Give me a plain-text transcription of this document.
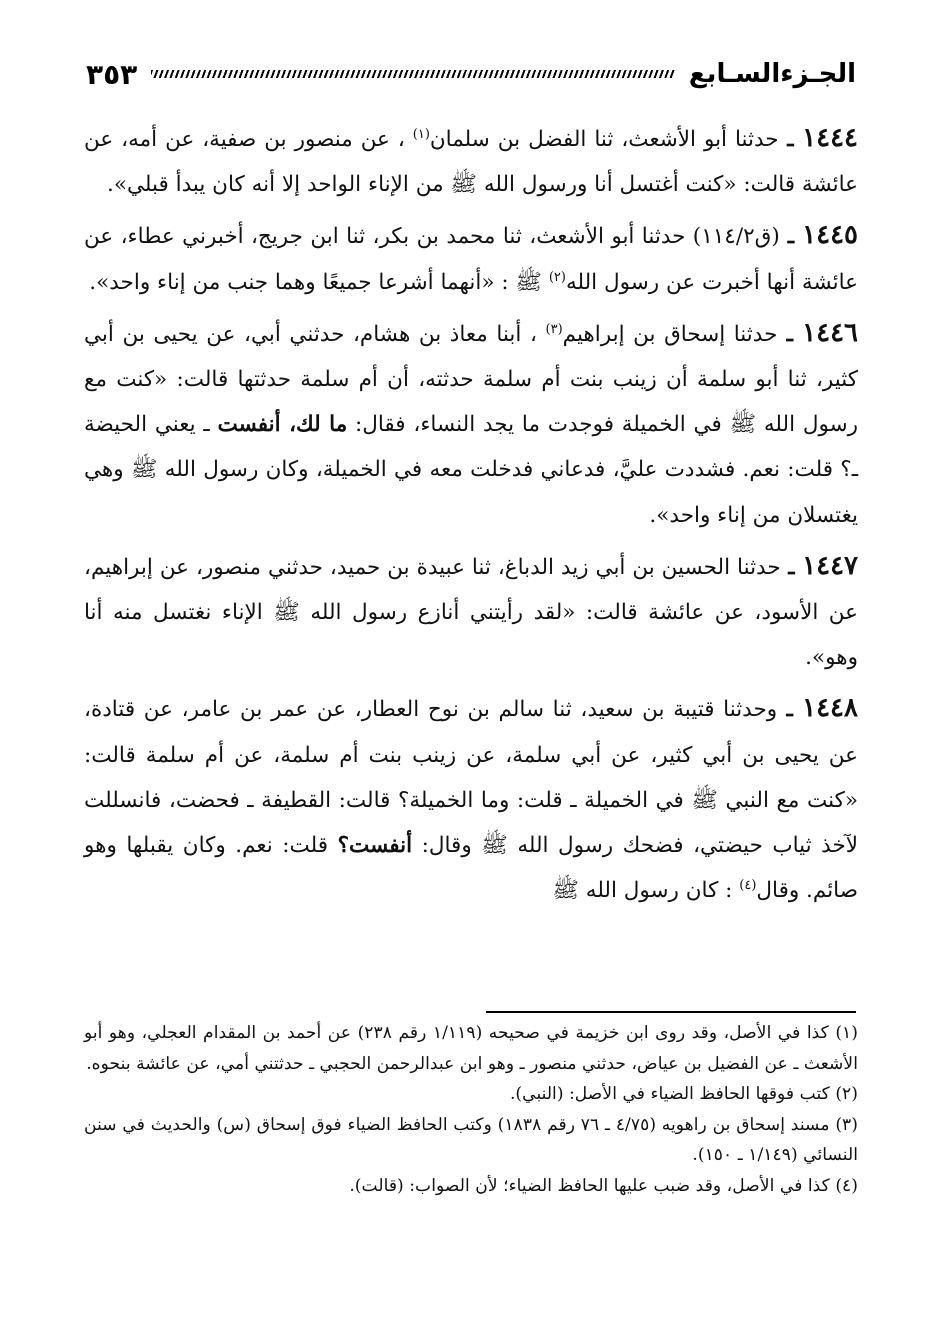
الجـزءالسـابع
٣٥٣

١٤٤٤ ـ حدثنا أبو الأشعث، ثنا الفضل بن سلمان$^{(١)}$ ، عن منصور بن صفية، عن أمه، عن عائشة قالت: «كنت أغتسل أنا ورسول الله ﷺ من الإناء الواحد إلا أنه كان يبدأ قبلي».

١٤٤٥ ـ (ق١١٤/٢) حدثنا أبو الأشعث، ثنا محمد بن بكر، ثنا ابن جريج، أخبرني عطاء، عن عائشة أنها أخبرت عن رسول الله$^{(٢)}$ ﷺ : «أنهما أشرعا جميعًا وهما جنب من إناء واحد».

١٤٤٦ ـ حدثنا إسحاق بن إبراهيم$^{(٣)}$ ، أبنا معاذ بن هشام، حدثني أبي، عن يحيى بن أبي كثير، ثنا أبو سلمة أن زينب بنت أم سلمة حدثته، أن أم سلمة حدثتها قالت: «كنت مع رسول الله ﷺ في الخميلة فوجدت ما يجد النساء، فقال: ما لك، أنفست ـ يعني الحيضة ـ؟ قلت: نعم. فشددت عليَّ، فدعاني فدخلت معه في الخميلة، وكان رسول الله ﷺ وهي يغتسلان من إناء واحد».

١٤٤٧ ـ حدثنا الحسين بن أبي زيد الدباغ، ثنا عبيدة بن حميد، حدثني منصور، عن إبراهيم، عن الأسود، عن عائشة قالت: «لقد رأيتني أنازع رسول الله ﷺ الإناء نغتسل منه أنا وهو».

١٤٤٨ ـ وحدثنا قتيبة بن سعيد، ثنا سالم بن نوح العطار، عن عمر بن عامر، عن قتادة، عن يحيى بن أبي كثير، عن أبي سلمة، عن زينب بنت أم سلمة، عن أم سلمة قالت: «كنت مع النبي ﷺ في الخميلة ـ قلت: وما الخميلة؟ قالت: القطيفة ـ فحضت، فانسللت لآخذ ثياب حيضتي، فضحك رسول الله ﷺ وقال: أنفست؟ قلت: نعم. وكان يقبلها وهو صائم. وقال$^{(٤)}$ : كان رسول الله ﷺ

(١) كذا في الأصل، وقد روى ابن خزيمة في صحيحه (١/١١٩ رقم ٢٣٨) عن أحمد بن المقدام العجلي، وهو أبو الأشعث ـ عن الفضيل بن عياض، حدثني منصور ـ وهو ابن عبدالرحمن الحجبي ـ حدثتني أمي، عن عائشة بنحوه.

(٢) كتب فوقها الحافظ الضياء في الأصل: (النبي).

(٣) مسند إسحاق بن راهويه (٤/٧٥ ـ ٧٦ رقم ١٨٣٨) وكتب الحافظ الضياء فوق إسحاق (س) والحديث في سنن النسائي (١/١٤٩ ـ ١٥٠).

(٤) كذا في الأصل، وقد ضبب عليها الحافظ الضياء؛ لأن الصواب: (قالت).
